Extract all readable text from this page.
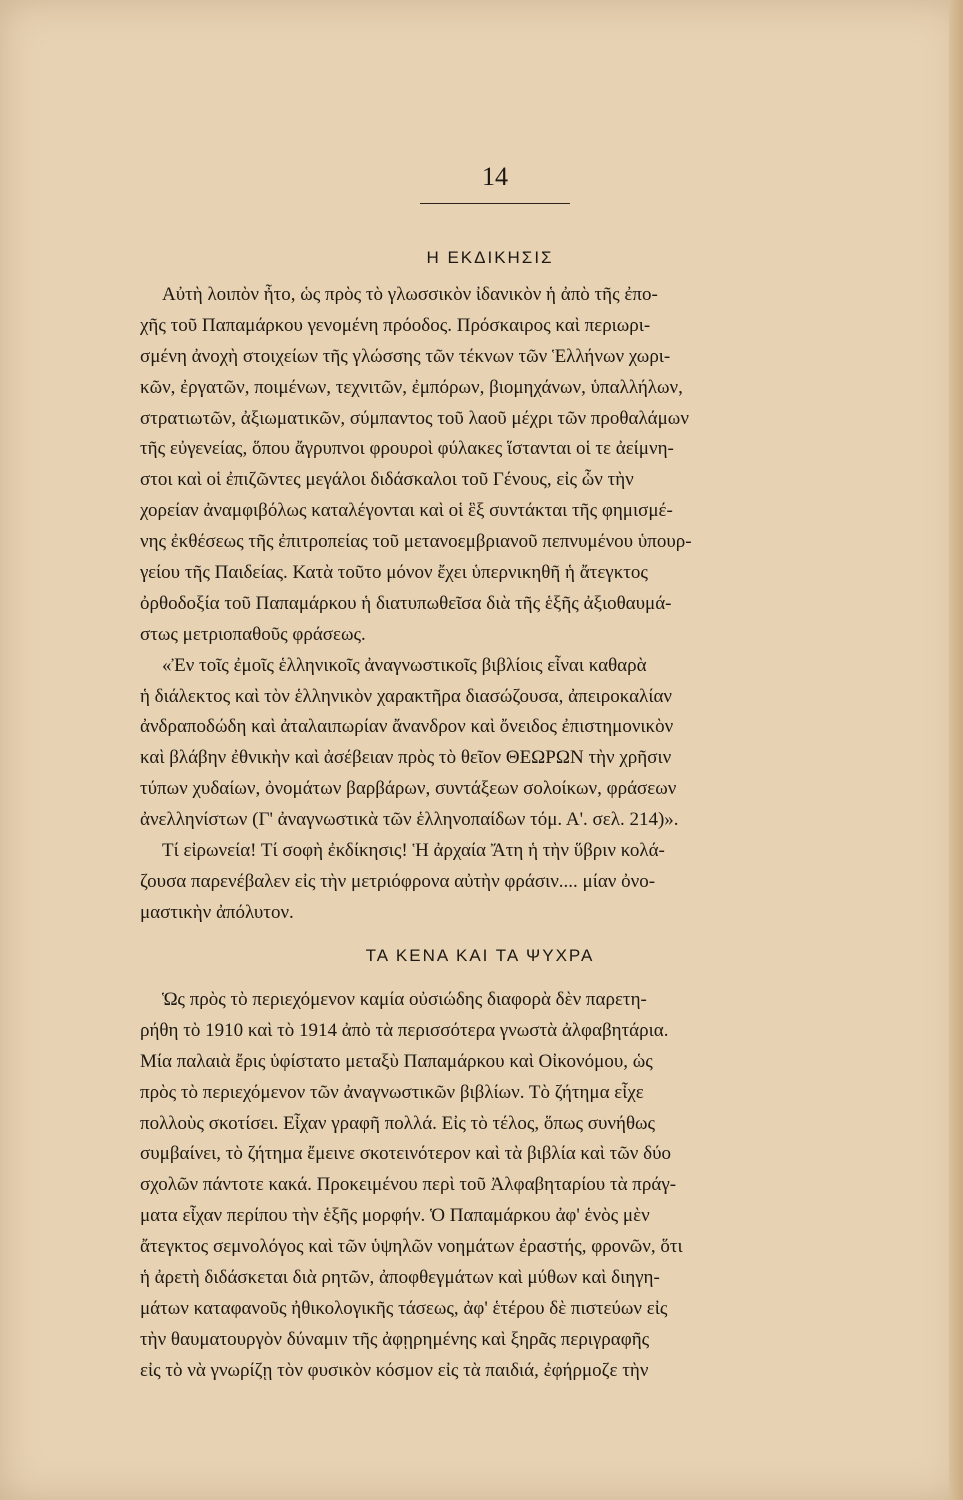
14
Η ΕΚΔΙΚΗΣΙΣ
Αὐτὴ λοιπὸν ἦτο, ὡς πρὸς τὸ γλωσσικὸν ἰδανικὸν ἡ ἀπὸ τῆς ἐπο-
χῆς τοῦ Παπαμάρκου γενομένη πρόοδος. Πρόσκαιρος καὶ περιωρι-
σμένη ἀνοχὴ στοιχείων τῆς γλώσσης τῶν τέκνων τῶν Ἑλλήνων χωρι-
κῶν, ἐργατῶν, ποιμένων, τεχνιτῶν, ἐμπόρων, βιομηχάνων, ὑπαλλήλων,
στρατιωτῶν, ἀξιωματικῶν, σύμπαντος τοῦ λαοῦ μέχρι τῶν προθαλάμων
τῆς εὐγενείας, ὅπου ἄγρυπνοι φρουροὶ φύλακες ἵστανται οἱ τε ἀείμνη-
στοι καὶ οἱ ἐπιζῶντες μεγάλοι διδάσκαλοι τοῦ Γένους, εἰς ὧν τὴν
χορείαν ἀναμφιβόλως καταλέγονται καὶ οἱ ἓξ συντάκται τῆς φημισμέ-
νης ἐκθέσεως τῆς ἐπιτροπείας τοῦ μετανοεμβριανοῦ πεπνυμένου ὑπουρ-
γείου τῆς Παιδείας. Κατὰ τοῦτο μόνον ἔχει ὑπερνικηθῆ ἡ ἄτεγκτος
ὀρθοδοξία τοῦ Παπαμάρκου ἡ διατυπωθεῖσα διὰ τῆς ἑξῆς ἀξιοθαυμά-
στως μετριοπαθοῦς φράσεως.
«Ἐν τοῖς ἐμοῖς ἑλληνικοῖς ἀναγνωστικοῖς βιβλίοις εἶναι καθαρὰ
ἡ διάλεκτος καὶ τὸν ἑλληνικὸν χαρακτῆρα διασώζουσα, ἀπειροκαλίαν
ἀνδραποδώδη καὶ ἀταλαιπωρίαν ἄνανδρον καὶ ὄνειδος ἐπιστημονικὸν
καὶ βλάβην ἐθνικὴν καὶ ἀσέβειαν πρὸς τὸ θεῖον ΘΕΩΡΩΝ τὴν χρῆσιν
τύπων χυδαίων, ὀνομάτων βαρβάρων, συντάξεων σολοίκων, φράσεων
ἀνελληνίστων (Γ' ἀναγνωστικὰ τῶν ἑλληνοπαίδων τόμ. Α'. σελ. 214)».
Τί εἰρωνεία! Τί σοφὴ ἐκδίκησις! Ἡ ἀρχαία Ἄτη ἡ τὴν ὕβριν κολά-
ζουσα παρενέβαλεν εἰς τὴν μετριόφρονα αὐτὴν φράσιν.... μίαν ὀνο-
μαστικὴν ἀπόλυτον.
ΤΑ ΚΕΝΑ ΚΑΙ ΤΑ ΨΥΧΡΑ
Ὡς πρὸς τὸ περιεχόμενον καμία οὐσιώδης διαφορὰ δὲν παρετη-
ρήθη τὸ 1910 καὶ τὸ 1914 ἀπὸ τὰ περισσότερα γνωστὰ ἀλφαβητάρια.
Μία παλαιὰ ἔρις ὑφίστατο μεταξὺ Παπαμάρκου καὶ Οἰκονόμου, ὡς
πρὸς τὸ περιεχόμενον τῶν ἀναγνωστικῶν βιβλίων. Τὸ ζήτημα εἶχε
πολλοὺς σκοτίσει. Εἶχαν γραφῆ πολλά. Εἰς τὸ τέλος, ὅπως συνήθως
συμβαίνει, τὸ ζήτημα ἔμεινε σκοτεινότερον καὶ τὰ βιβλία καὶ τῶν δύο
σχολῶν πάντοτε κακά. Προκειμένου περὶ τοῦ Ἀλφαβηταρίου τὰ πράγ-
ματα εἶχαν περίπου τὴν ἑξῆς μορφήν. Ὁ Παπαμάρκου ἀφ' ἑνὸς μὲν
ἄτεγκτος σεμνολόγος καὶ τῶν ὑψηλῶν νοημάτων ἐραστής, φρονῶν, ὅτι
ἡ ἀρετὴ διδάσκεται διὰ ρητῶν, ἀποφθεγμάτων καὶ μύθων καὶ διηγη-
μάτων καταφανοῦς ἠθικολογικῆς τάσεως, ἀφ' ἑτέρου δὲ πιστεύων εἰς
τὴν θαυματουργὸν δύναμιν τῆς ἀφῃρημένης καὶ ξηρᾶς περιγραφῆς
εἰς τὸ νὰ γνωρίζῃ τὸν φυσικὸν κόσμον εἰς τὰ παιδιά, ἐφήρμοζε τὴν
